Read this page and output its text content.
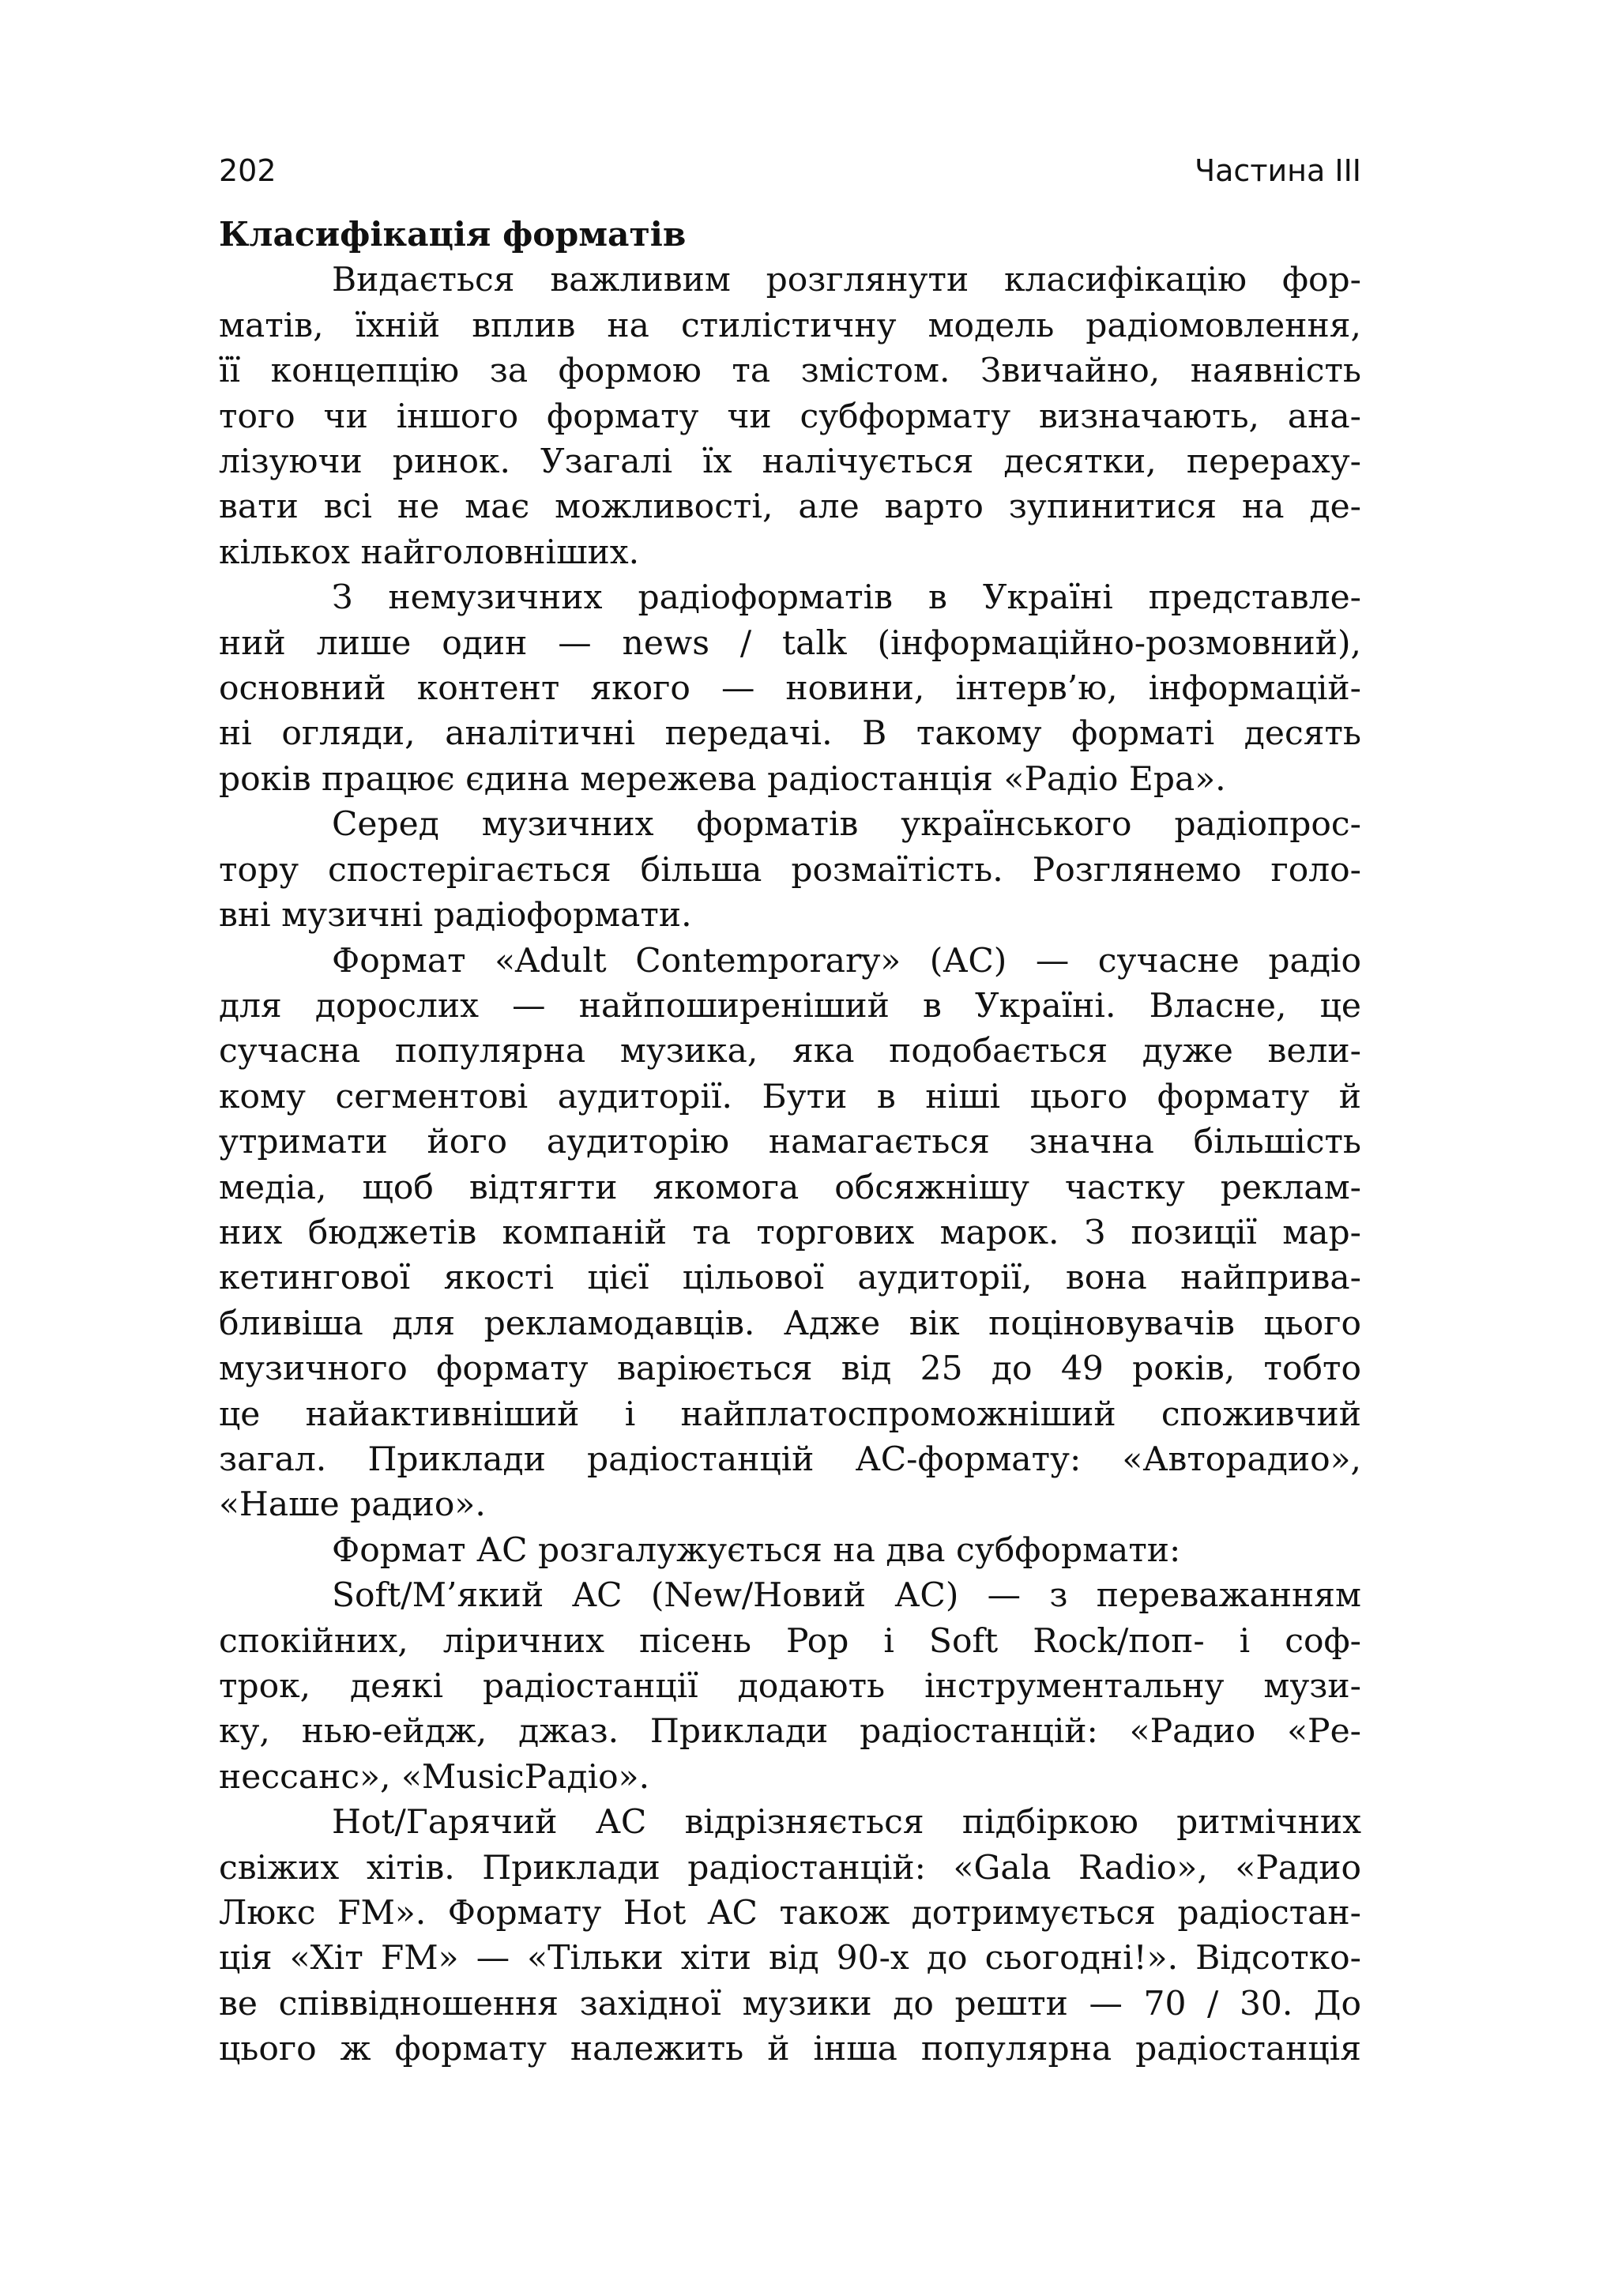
202	Частина III
Класифікація форматів

Видається важливим розглянути класифікацію фор-
матів, їхній вплив на стилістичну модель радіомовлення,
її концепцію за формою та змістом. Звичайно, наявність
того чи іншого формату чи субформату визначають, ана-
лізуючи ринок. Узагалі їх налічується десятки, перераху-
вати всі не має можливості, але варто зупинитися на де-
кількох найголовніших.

З немузичних радіоформатів в Україні представле-
ний лише один — news / talk (інформаційно-розмовний),
основний контент якого — новини, інтерв’ю, інформацій-
ні огляди, аналітичні передачі. В такому форматі десять
років працює єдина мережева радіостанція «Радіо Ера».

Серед музичних форматів українського радіопрос-
тору спостерігається більша розмаїтість. Розглянемо голо-
вні музичні радіоформати.

Формат «Adult Contemporary» (АС) — сучасне радіо
для дорослих — найпоширеніший в Україні. Власне, це
сучасна популярна музика, яка подобається дуже вели-
кому сегментові аудиторії. Бути в ніші цього формату й
утримати його аудиторію намагається значна більшість
медіа, щоб відтягти якомога обсяжнішу частку реклам-
них бюджетів компаній та торгових марок. З позиції мар-
кетингової якості цієї цільової аудиторії, вона найприва-
бливіша для рекламодавців. Адже вік поціновувачів цього
музичного формату варіюється від 25 до 49 років, тобто
це найактивніший і найплатоспроможніший споживчий
загал. Приклади радіостанцій АС-формату: «Авторадио»,
«Наше радио».

Формат АС розгалужується на два субформати:

Soft/М’який AC (New/Новий АС) — з переважанням
спокійних, ліричних пісень Pop і Soft Rock/поп- і соф-
трок, деякі радіостанції додають інструментальну музи-
ку, нью-ейдж, джаз. Приклади радіостанцій: «Радио «Ре-
нессанс», «MusicPадіо».

Hot/Гарячий АС відрізняється підбіркою ритмічних
свіжих хітів. Приклади радіостанцій: «Gala Radio», «Радио
Люкс FM». Формату Hot AC також дотримується радіостан-
ція «Хіт FM» — «Тільки хіти від 90-х до сьогодні!». Відсотко-
ве співвідношення західної музики до решти — 70 / 30. До
цього ж формату належить й інша популярна радіостанція
